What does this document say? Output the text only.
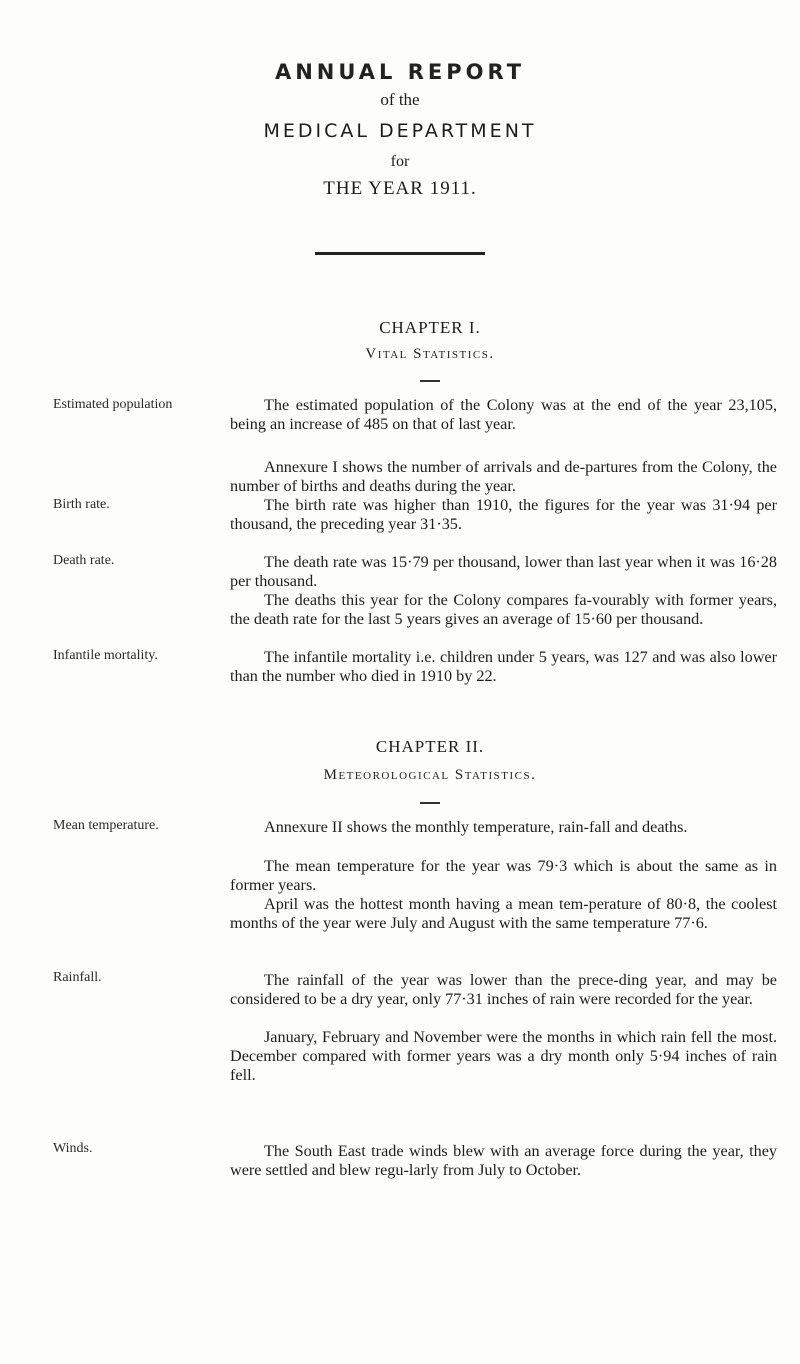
ANNUAL REPORT
of the
MEDICAL DEPARTMENT
for
THE YEAR 1911.
CHAPTER I.
Vital Statistics.
Estimated population
Birth rate.
Death rate.
Infantile mortality.

The estimated population of the Colony was at the end of the year 23,105, being an increase of 485 on that of last year.

Annexure I shows the number of arrivals and de-partures from the Colony, the number of births and deaths during the year.

The birth rate was higher than 1910, the figures for the year was 31·94 per thousand, the preceding year 31·35.

The death rate was 15·79 per thousand, lower than last year when it was 16·28 per thousand.

The deaths this year for the Colony compares fa-vourably with former years, the death rate for the last 5 years gives an average of 15·60 per thousand.

The infantile mortality i.e. children under 5 years, was 127 and was also lower than the number who died in 1910 by 22.

CHAPTER II.
Meteorological Statistics.
Mean temperature.
Rainfall.
Winds.

Annexure II shows the monthly temperature, rain-fall and deaths.

The mean temperature for the year was 79·3 which is about the same as in former years.

April was the hottest month having a mean tem-perature of 80·8, the coolest months of the year were July and August with the same temperature 77·6.

The rainfall of the year was lower than the prece-ding year, and may be considered to be a dry year, only 77·31 inches of rain were recorded for the year.

January, February and November were the months in which rain fell the most. December compared with former years was a dry month only 5·94 inches of rain fell.

The South East trade winds blew with an average force during the year, they were settled and blew regu-larly from July to October.
